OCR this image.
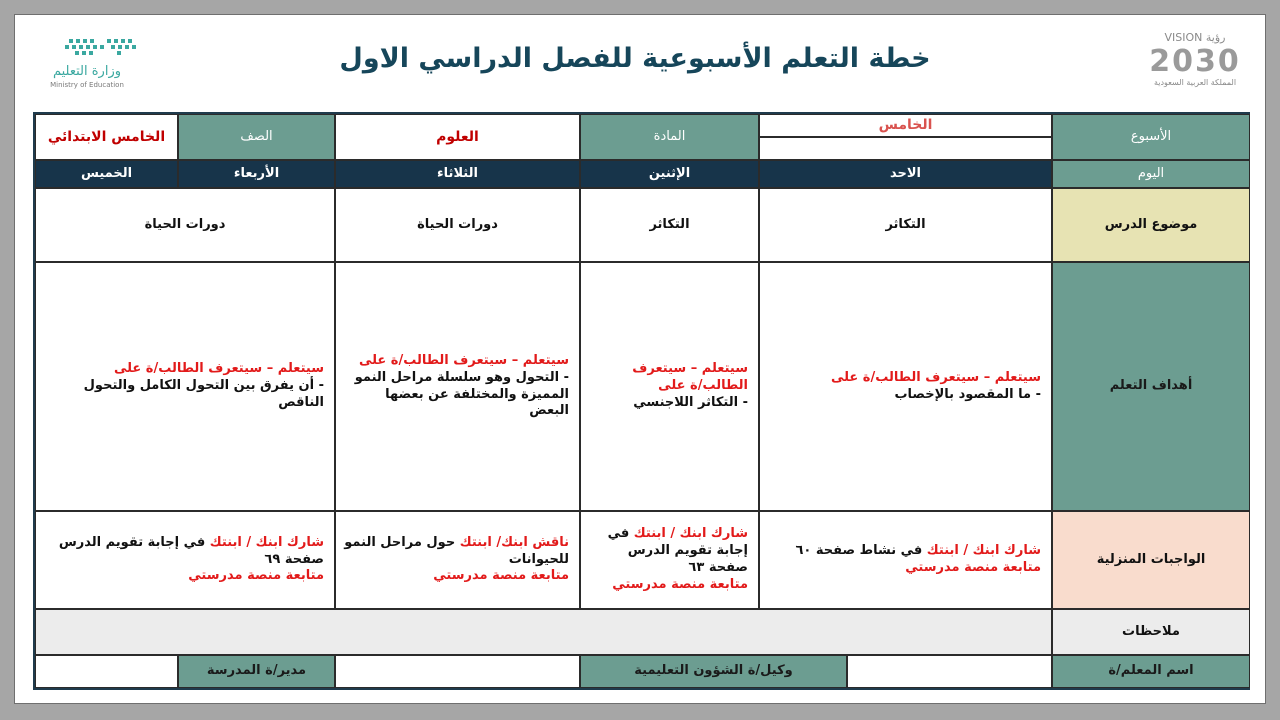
وزارة التعليم
Ministry of Education
خطة التعلم الأسبوعية للفصل الدراسي الاول
VISION رؤية
2030
المملكة العربية السعودية
الأسبوع
الخامس
المادة
العلوم
الصف
الخامس الابتدائي
اليوم
الاحد
الإثنين
الثلاثاء
الأربعاء
الخميس
موضوع الدرس
التكاثر
التكاثر
دورات الحياة
دورات الحياة
أهداف التعلم
سيتعلم – سيتعرف الطالب/ة على
- ما المقصود بالإخصاب
سيتعلم – سيتعرف الطالب/ة على
- التكاثر اللاجنسي
سيتعلم – سيتعرف الطالب/ة على
- التحول وهو سلسلة مراحل النمو المميزة والمختلفة عن بعضها البعض
سيتعلم – سيتعرف الطالب/ة على
- أن يفرق بين التحول الكامل والتحول الناقص
الواجبات المنزلية
شارك ابنك / ابنتك في نشاط صفحة ٦٠
متابعة منصة مدرستي
شارك ابنك / ابنتك في إجابة تقويم الدرس صفحة ٦٣
متابعة منصة مدرستي
ناقش ابنك/ ابنتك حول مراحل النمو للحيوانات
متابعة منصة مدرستي
شارك ابنك / ابنتك في إجابة تقويم الدرس صفحة ٦٩
متابعة منصة مدرستي
ملاحظات
اسم المعلم/ة
وكيل/ة الشؤون التعليمية
مدير/ة المدرسة
